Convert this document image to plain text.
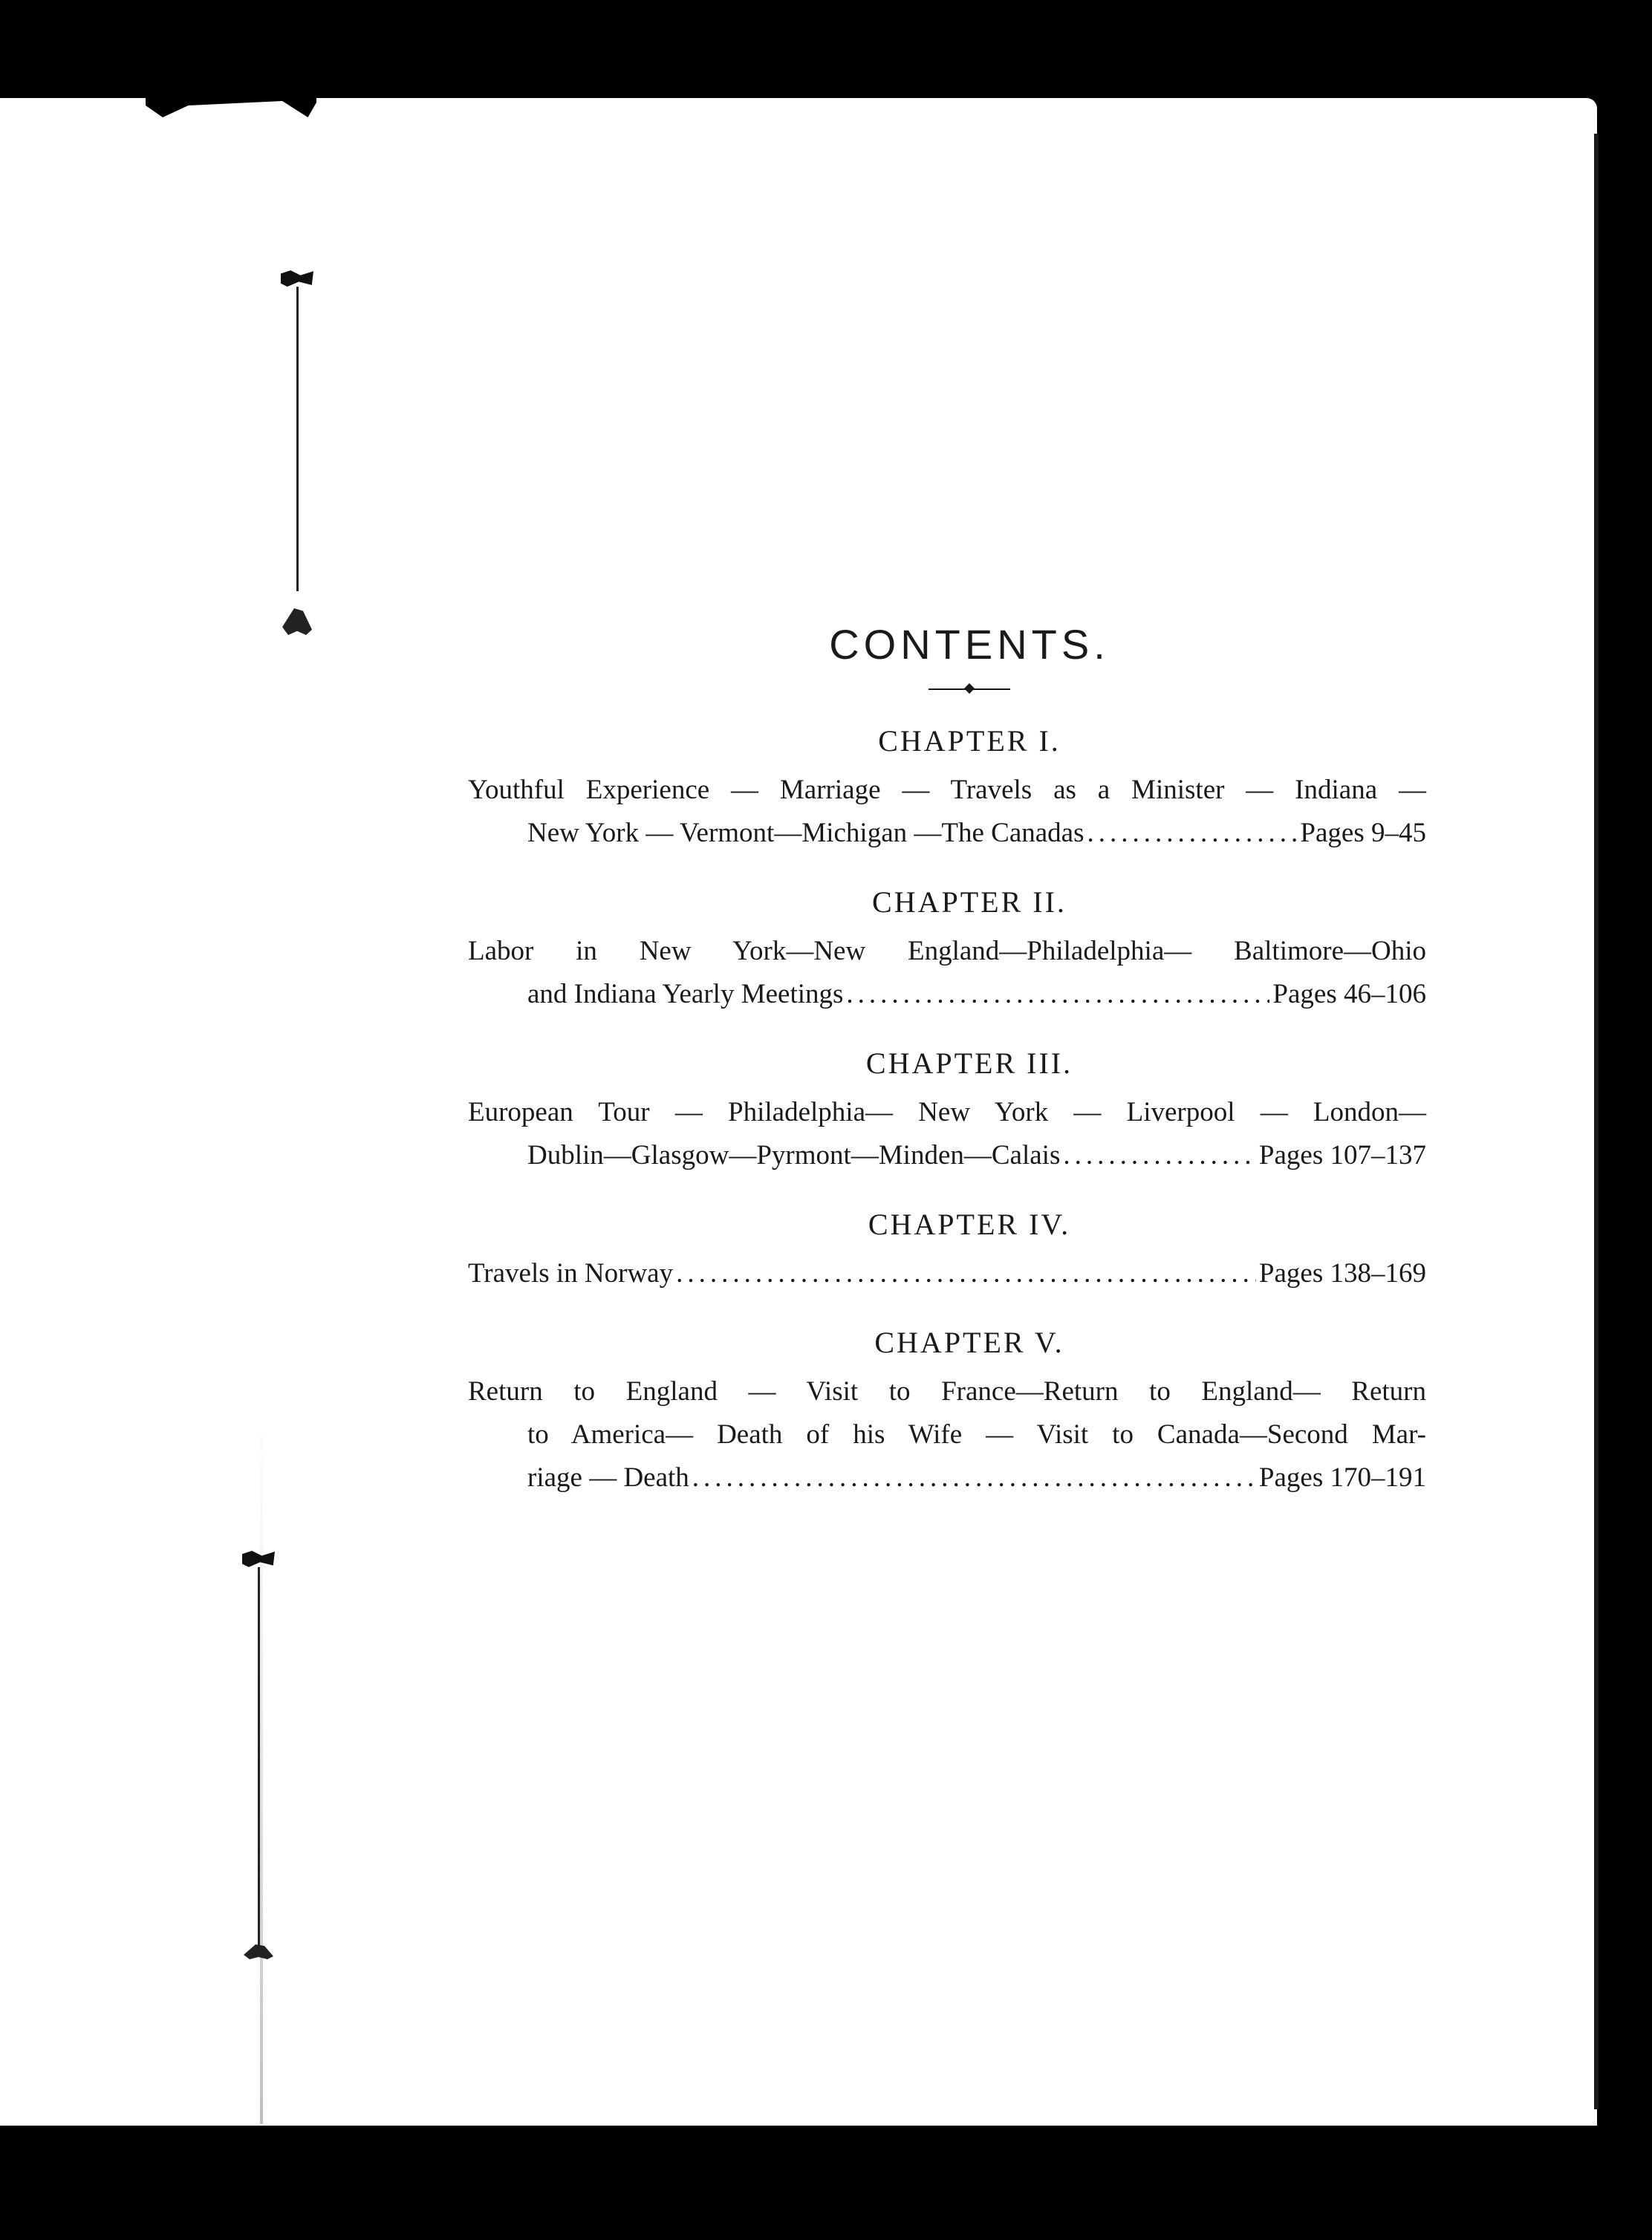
CONTENTS.
CHAPTER I.

Youthful Experience — Marriage — Travels as a Minister — Indiana —
New York — Vermont—Michigan —The Canadas .....	Pages 9–45

CHAPTER II.

Labor in New York—New England—Philadelphia— Baltimore—Ohio
and Indiana Yearly Meetings .....	Pages 46–106

CHAPTER III.

European Tour — Philadelphia— New York — Liverpool — London—
Dublin—Glasgow—Pyrmont—Minden—Calais .....	Pages 107–137

CHAPTER IV.

Travels in Norway .....	Pages 138–169

CHAPTER V.

Return to England — Visit to France—Return to England— Return
to America— Death of his Wife — Visit to Canada—Second Mar-
riage — Death .....	Pages 170–191
